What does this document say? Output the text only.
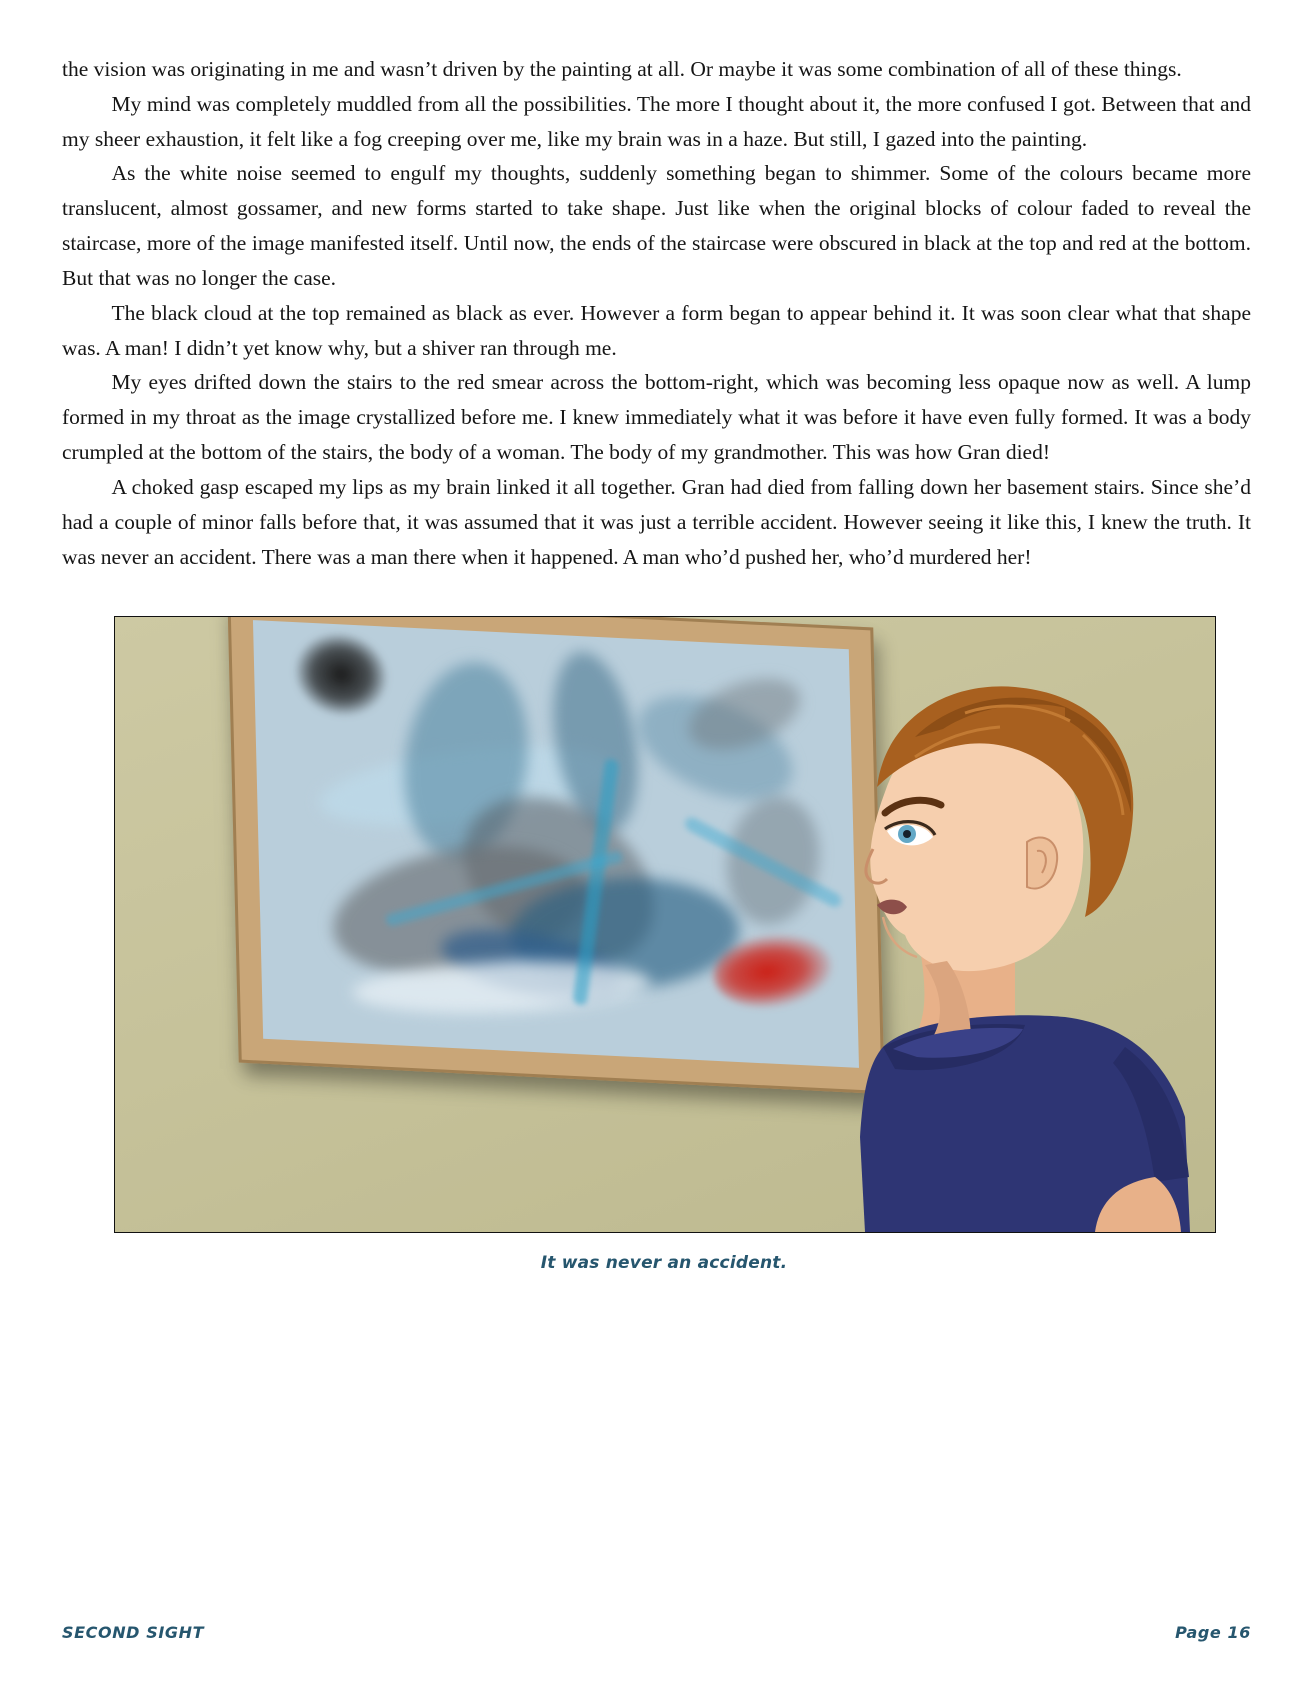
the vision was originating in me and wasn’t driven by the painting at all. Or maybe it was some combination of all of these things.

My mind was completely muddled from all the possibilities. The more I thought about it, the more confused I got. Between that and my sheer exhaustion, it felt like a fog creeping over me, like my brain was in a haze. But still, I gazed into the painting.

As the white noise seemed to engulf my thoughts, suddenly something began to shimmer. Some of the colours became more translucent, almost gossamer, and new forms started to take shape. Just like when the original blocks of colour faded to reveal the staircase, more of the image manifested itself. Until now, the ends of the staircase were obscured in black at the top and red at the bottom. But that was no longer the case.

The black cloud at the top remained as black as ever. However a form began to appear behind it. It was soon clear what that shape was. A man! I didn’t yet know why, but a shiver ran through me.

My eyes drifted down the stairs to the red smear across the bottom-right, which was becoming less opaque now as well. A lump formed in my throat as the image crystallized before me. I knew immediately what it was before it have even fully formed. It was a body crumpled at the bottom of the stairs, the body of a woman. The body of my grandmother. This was how Gran died!

A choked gasp escaped my lips as my brain linked it all together. Gran had died from falling down her basement stairs. Since she’d had a couple of minor falls before that, it was assumed that it was just a terrible accident. However seeing it like this, I knew the truth. It was never an accident. There was a man there when it happened. A man who’d pushed her, who’d murdered her!

It was never an accident.
SECOND SIGHT	Page 16
